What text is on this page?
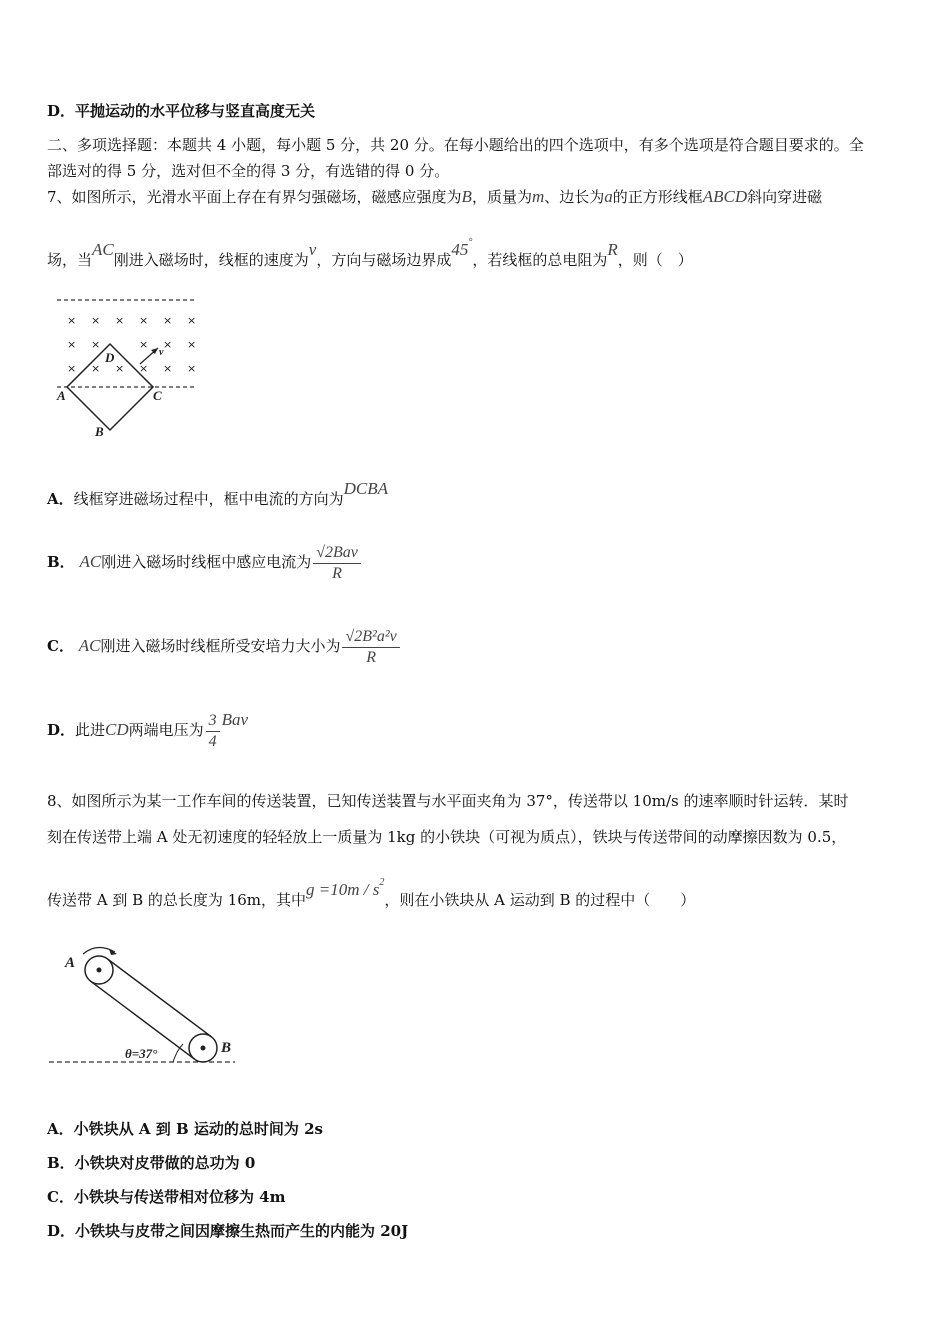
D．平抛运动的水平位移与竖直高度无关
二、多项选择题：本题共 4 小题，每小题 5 分，共 20 分。在每小题给出的四个选项中，有多个选项是符合题目要求的。全
部选对的得 5 分，选对但不全的得 3 分，有选错的得 0 分。
7、如图所示，光滑水平面上存在有界匀强磁场，磁感应强度为B，质量为m、边长为a的正方形线框ABCD斜向穿进磁
场，当AC刚进入磁场时，线框的速度为v，方向与磁场边界成45°，若线框的总电阻为R，则（　）
× × × × × ×
× ×	× × ×
× × × × × ×
A	C
D
B
v
A．线框穿进磁场过程中，框中电流的方向为DCBA
B． AC刚进入磁场时线框中感应电流为 $\frac{\text{√2Bav}}{R}$
C． AC刚进入磁场时线框所受安培力大小为 $\frac{\text{√2B²a²v}}{R}$
D．此进CD两端电压为 $\frac{3}{4}$ Bav
8、如图所示为某一工作车间的传送装置，已知传送装置与水平面夹角为 37°，传送带以 10m/s 的速率顺时针运转．某时
刻在传送带上端 A 处无初速度的轻轻放上一质量为 1kg 的小铁块（可视为质点），铁块与传送带间的动摩擦因数为 0.5，
传送带 A 到 B 的总长度为 16m，其中$g =10m / s^2$，则在小铁块从 A 运动到 B 的过程中（　　）
A
B
θ=37°
A．小铁块从 A 到 B 运动的总时间为 2s
B．小铁块对皮带做的总功为 0
C．小铁块与传送带相对位移为 4m
D．小铁块与皮带之间因摩擦生热而产生的内能为 20J
